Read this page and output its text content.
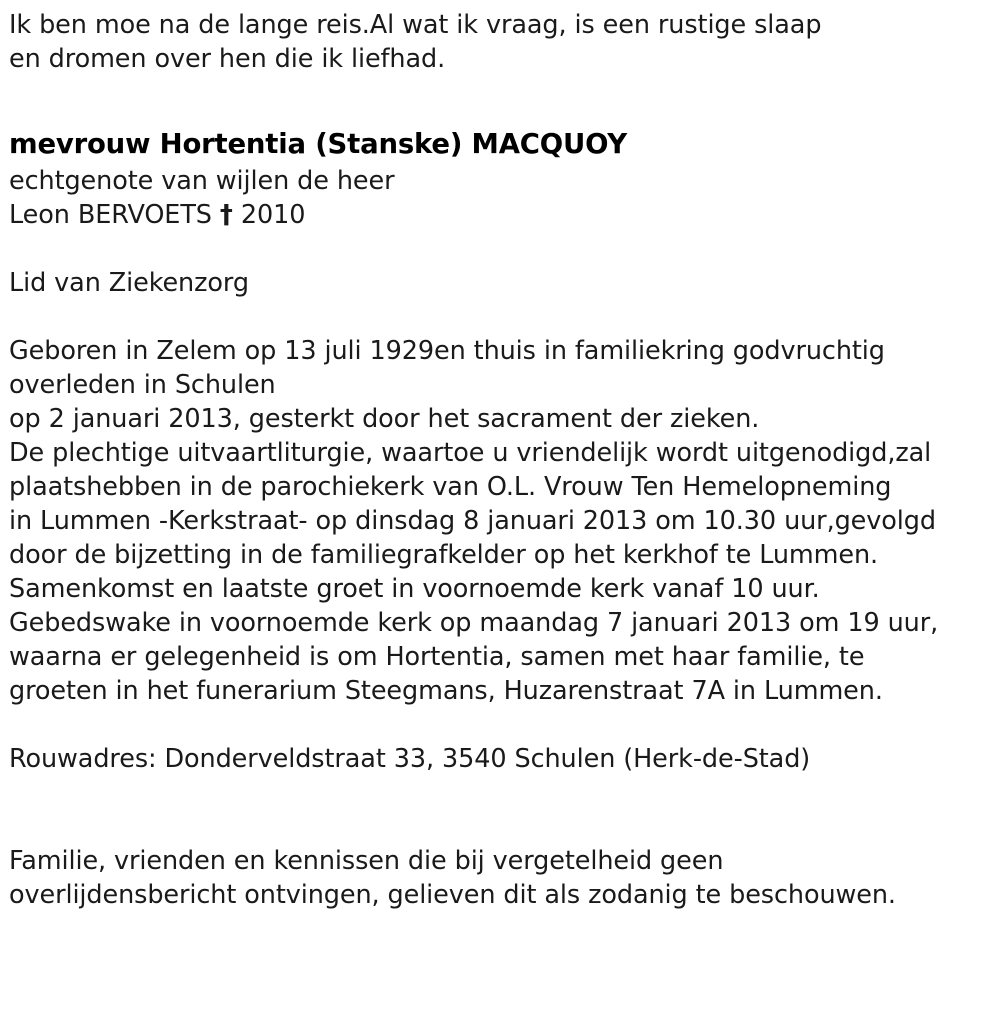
Ik ben moe na de lange reis.Al wat ik vraag, is een rustige slaap
en dromen over hen die ik liefhad.
mevrouw Hortentia (Stanske) MACQUOY
echtgenote van wijlen de heer
Leon BERVOETS † 2010
Lid van Ziekenzorg
Geboren in Zelem op 13 juli 1929en thuis in familiekring godvruchtig
overleden in Schulen
op 2 januari 2013, gesterkt door het sacrament der zieken.
De plechtige uitvaartliturgie, waartoe u vriendelijk wordt uitgenodigd,zal
plaatshebben in de parochiekerk van O.L. Vrouw Ten Hemelopneming
in Lummen -Kerkstraat- op dinsdag 8 januari 2013 om 10.30 uur,gevolgd
door de bijzetting in de familiegrafkelder op het kerkhof te Lummen.
Samenkomst en laatste groet in voornoemde kerk vanaf 10 uur.
Gebedswake in voornoemde kerk op maandag 7 januari 2013 om 19 uur,
waarna er gelegenheid is om Hortentia, samen met haar familie, te
groeten in het funerarium Steegmans, Huzarenstraat 7A in Lummen.
Rouwadres: Donderveldstraat 33, 3540 Schulen (Herk-de-Stad)
Familie, vrienden en kennissen die bij vergetelheid geen
overlijdensbericht ontvingen, gelieven dit als zodanig te beschouwen.
